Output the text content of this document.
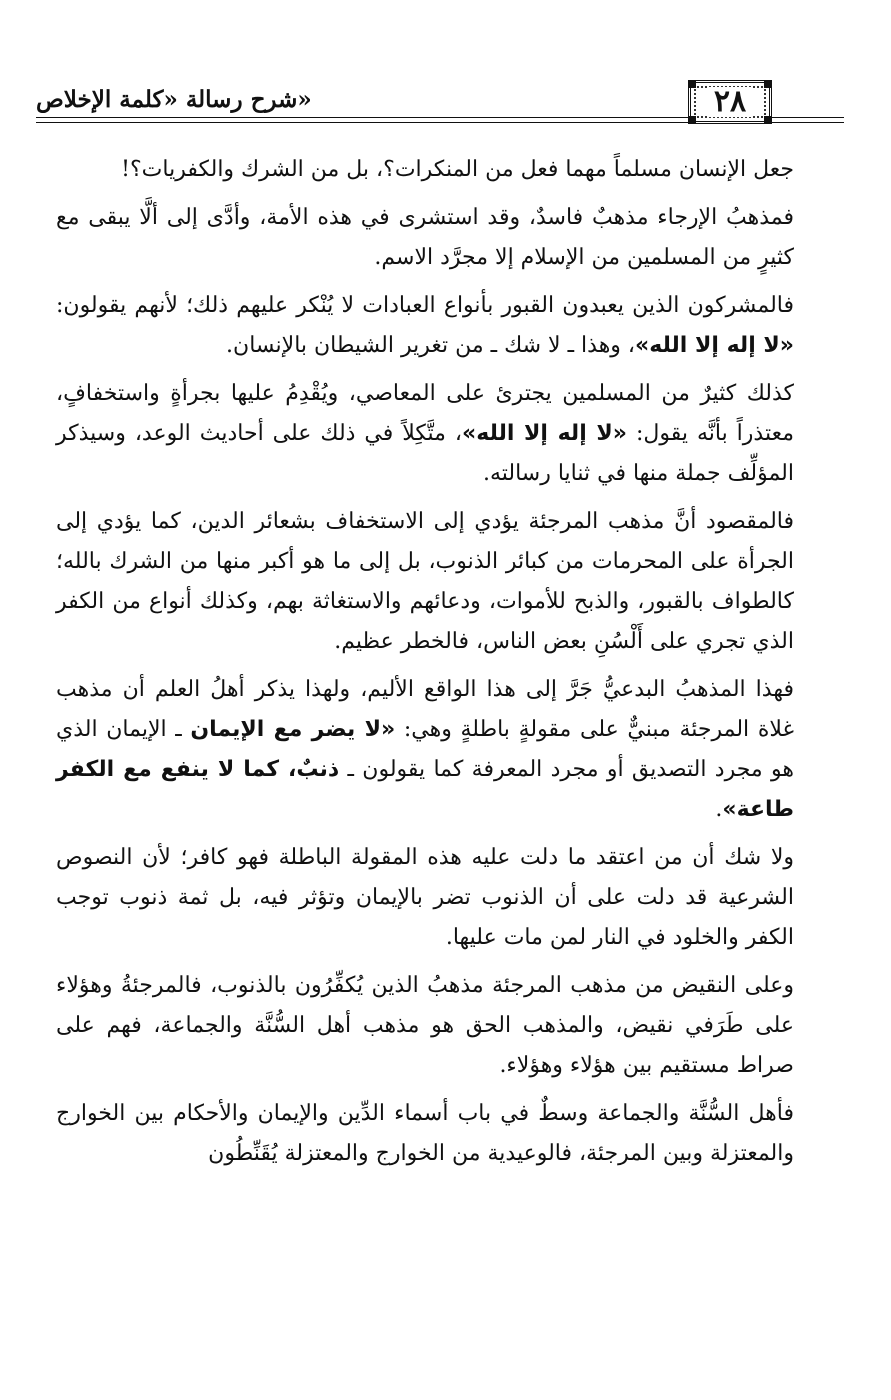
شرح رسالة «كلمة الإخلاص»	٢٨

جعل الإنسان مسلماً مهما فعل من المنكرات؟، بل من الشرك والكفريات؟!

فمذهبُ الإرجاء مذهبٌ فاسدٌ، وقد استشرى في هذه الأمة، وأدَّى إلى ألَّا يبقى مع كثيرٍ من المسلمين من الإسلام إلا مجرَّد الاسم.

فالمشركون الذين يعبدون القبور بأنواع العبادات لا يُنْكر عليهم ذلك؛ لأنهم يقولون: «لا إله إلا الله»، وهذا ـ لا شك ـ من تغرير الشيطان بالإنسان.

كذلك كثيرٌ من المسلمين يجترئ على المعاصي، ويُقْدِمُ عليها بجرأةٍ واستخفافٍ، معتذراً بأنَّه يقول: «لا إله إلا الله»، متَّكِلاً في ذلك على أحاديث الوعد، وسيذكر المؤلِّف جملة منها في ثنايا رسالته.

فالمقصود أنَّ مذهب المرجئة يؤدي إلى الاستخفاف بشعائر الدين، كما يؤدي إلى الجرأة على المحرمات من كبائر الذنوب، بل إلى ما هو أكبر منها من الشرك بالله؛ كالطواف بالقبور، والذبح للأموات، ودعائهم والاستغاثة بهم، وكذلك أنواع من الكفر الذي تجري على أَلْسُنِ بعض الناس، فالخطر عظيم.

فهذا المذهبُ البدعيُّ جَرَّ إلى هذا الواقع الأليم، ولهذا يذكر أهلُ العلم أن مذهب غلاة المرجئة مبنيٌّ على مقولةٍ باطلةٍ وهي: «لا يضر مع الإيمان ـ الإيمان الذي هو مجرد التصديق أو مجرد المعرفة كما يقولون ـ ذنبٌ، كما لا ينفع مع الكفر طاعة».

ولا شك أن من اعتقد ما دلت عليه هذه المقولة الباطلة فهو كافر؛ لأن النصوص الشرعية قد دلت على أن الذنوب تضر بالإيمان وتؤثر فيه، بل ثمة ذنوب توجب الكفر والخلود في النار لمن مات عليها.

وعلى النقيض من مذهب المرجئة مذهبُ الذين يُكفِّرُون بالذنوب، فالمرجئةُ وهؤلاء على طَرَفي نقيض، والمذهب الحق هو مذهب أهل السُّنَّة والجماعة، فهم على صراط مستقيم بين هؤلاء وهؤلاء.

فأهل السُّنَّة والجماعة وسطٌ في باب أسماء الدِّين والإيمان والأحكام بين الخوارج والمعتزلة وبين المرجئة، فالوعيدية من الخوارج والمعتزلة يُقَنِّطُون
